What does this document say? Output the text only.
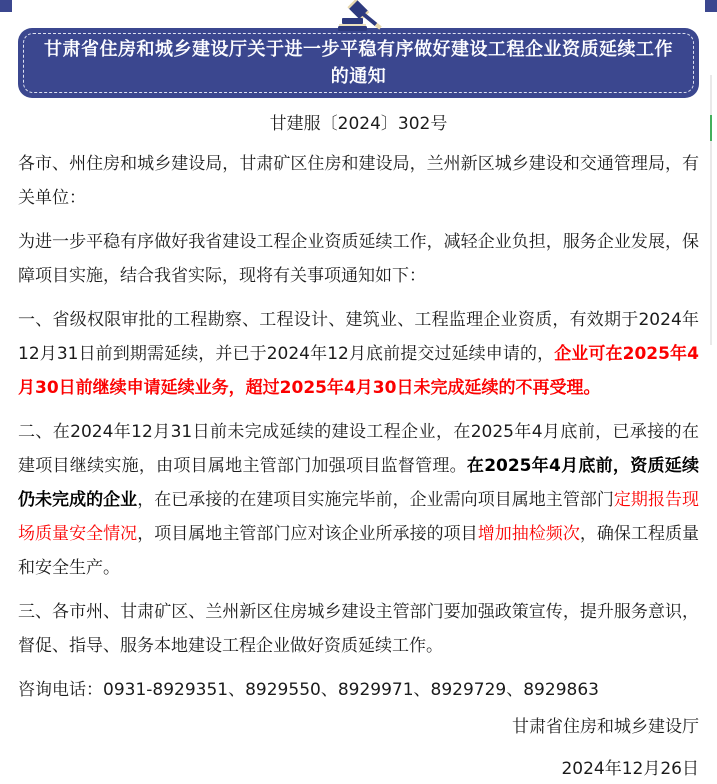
甘肃省住房和城乡建设厅关于进一步平稳有序做好建设工程企业资质延续工作的通知
甘建服〔2024〕302号

各市、州住房和城乡建设局，甘肃矿区住房和建设局，兰州新区城乡建设和交通管理局，有关单位：

为进一步平稳有序做好我省建设工程企业资质延续工作，减轻企业负担，服务企业发展，保障项目实施，结合我省实际，现将有关事项通知如下：

一、省级权限审批的工程勘察、工程设计、建筑业、工程监理企业资质，有效期于2024年12月31日前到期需延续，并已于2024年12月底前提交过延续申请的，企业可在2025年4月30日前继续申请延续业务，超过2025年4月30日未完成延续的不再受理。

二、在2024年12月31日前未完成延续的建设工程企业，在2025年4月底前，已承接的在建项目继续实施，由项目属地主管部门加强项目监督管理。在2025年4月底前，资质延续仍未完成的企业，在已承接的在建项目实施完毕前，企业需向项目属地主管部门定期报告现场质量安全情况，项目属地主管部门应对该企业所承接的项目增加抽检频次，确保工程质量和安全生产。

三、各市州、甘肃矿区、兰州新区住房城乡建设主管部门要加强政策宣传，提升服务意识，督促、指导、服务本地建设工程企业做好资质延续工作。

咨询电话：0931-8929351、8929550、8929971、8929729、8929863

甘肃省住房和城乡建设厅

2024年12月26日
